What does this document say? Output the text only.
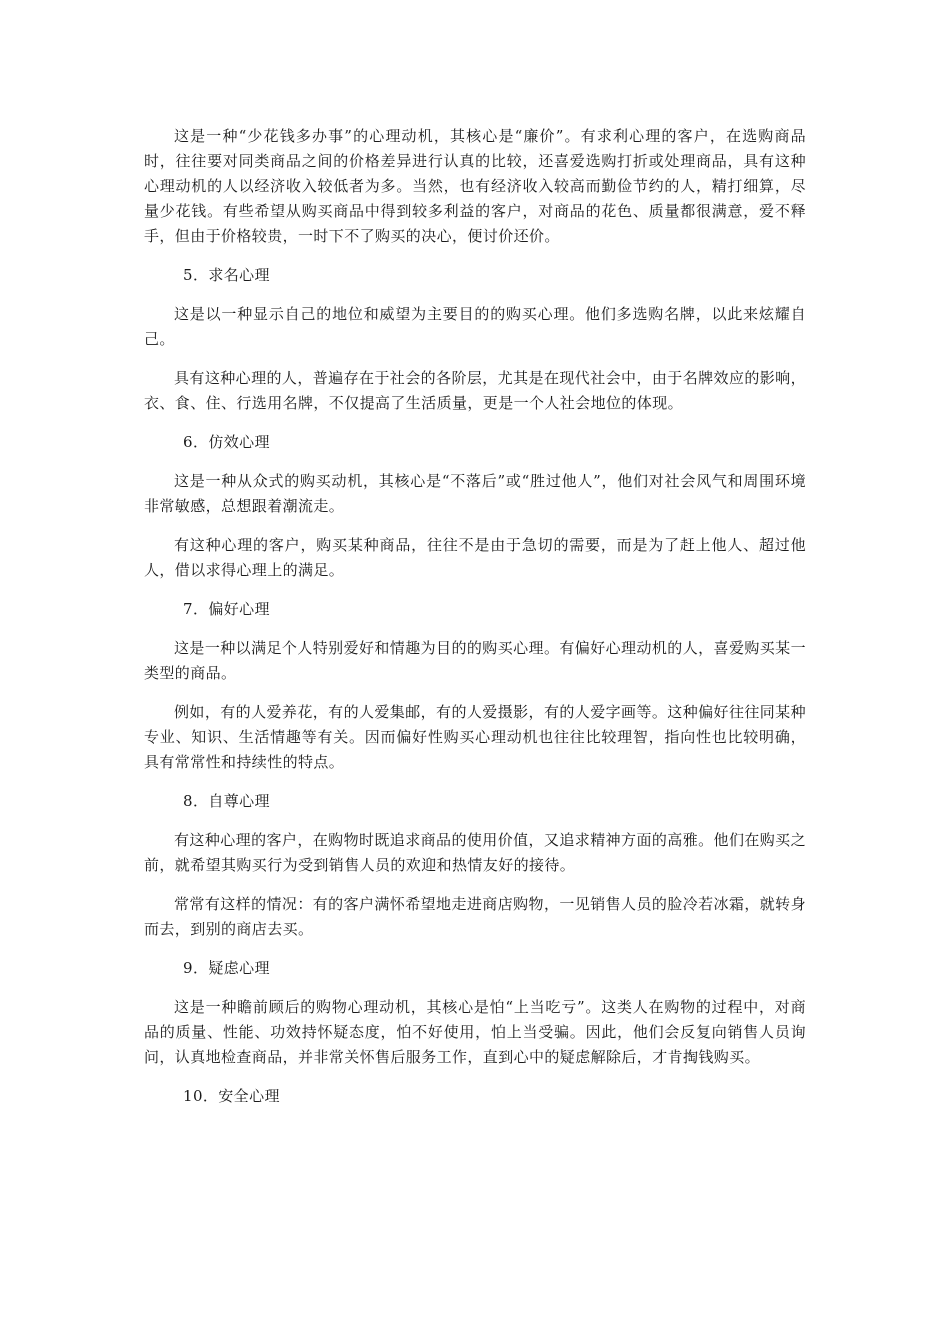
这是一种“少花钱多办事”的心理动机，其核心是“廉价”。有求利心理的客户，在选购商品时，往往要对同类商品之间的价格差异进行认真的比较，还喜爱选购打折或处理商品，具有这种心理动机的人以经济收入较低者为多。当然，也有经济收入较高而勤俭节约的人，精打细算，尽量少花钱。有些希望从购买商品中得到较多利益的客户，对商品的花色、质量都很满意，爱不释手，但由于价格较贵，一时下不了购买的决心，便讨价还价。

5．求名心理

这是以一种显示自己的地位和威望为主要目的的购买心理。他们多选购名牌，以此来炫耀自己。

具有这种心理的人，普遍存在于社会的各阶层，尤其是在现代社会中，由于名牌效应的影响，衣、食、住、行选用名牌，不仅提高了生活质量，更是一个人社会地位的体现。

6．仿效心理

这是一种从众式的购买动机，其核心是“不落后”或“胜过他人”，他们对社会风气和周围环境非常敏感，总想跟着潮流走。

有这种心理的客户，购买某种商品，往往不是由于急切的需要，而是为了赶上他人、超过他人，借以求得心理上的满足。

7．偏好心理

这是一种以满足个人特别爱好和情趣为目的的购买心理。有偏好心理动机的人，喜爱购买某一类型的商品。

例如，有的人爱养花，有的人爱集邮，有的人爱摄影，有的人爱字画等。这种偏好往往同某种专业、知识、生活情趣等有关。因而偏好性购买心理动机也往往比较理智，指向性也比较明确，具有常常性和持续性的特点。

8．自尊心理

有这种心理的客户，在购物时既追求商品的使用价值，又追求精神方面的高雅。他们在购买之前，就希望其购买行为受到销售人员的欢迎和热情友好的接待。

常常有这样的情况：有的客户满怀希望地走进商店购物，一见销售人员的脸冷若冰霜，就转身而去，到别的商店去买。

9．疑虑心理

这是一种瞻前顾后的购物心理动机，其核心是怕“上当吃亏”。这类人在购物的过程中，对商品的质量、性能、功效持怀疑态度，怕不好使用，怕上当受骗。因此，他们会反复向销售人员询问，认真地检查商品，并非常关怀售后服务工作，直到心中的疑虑解除后，才肯掏钱购买。

10．安全心理
